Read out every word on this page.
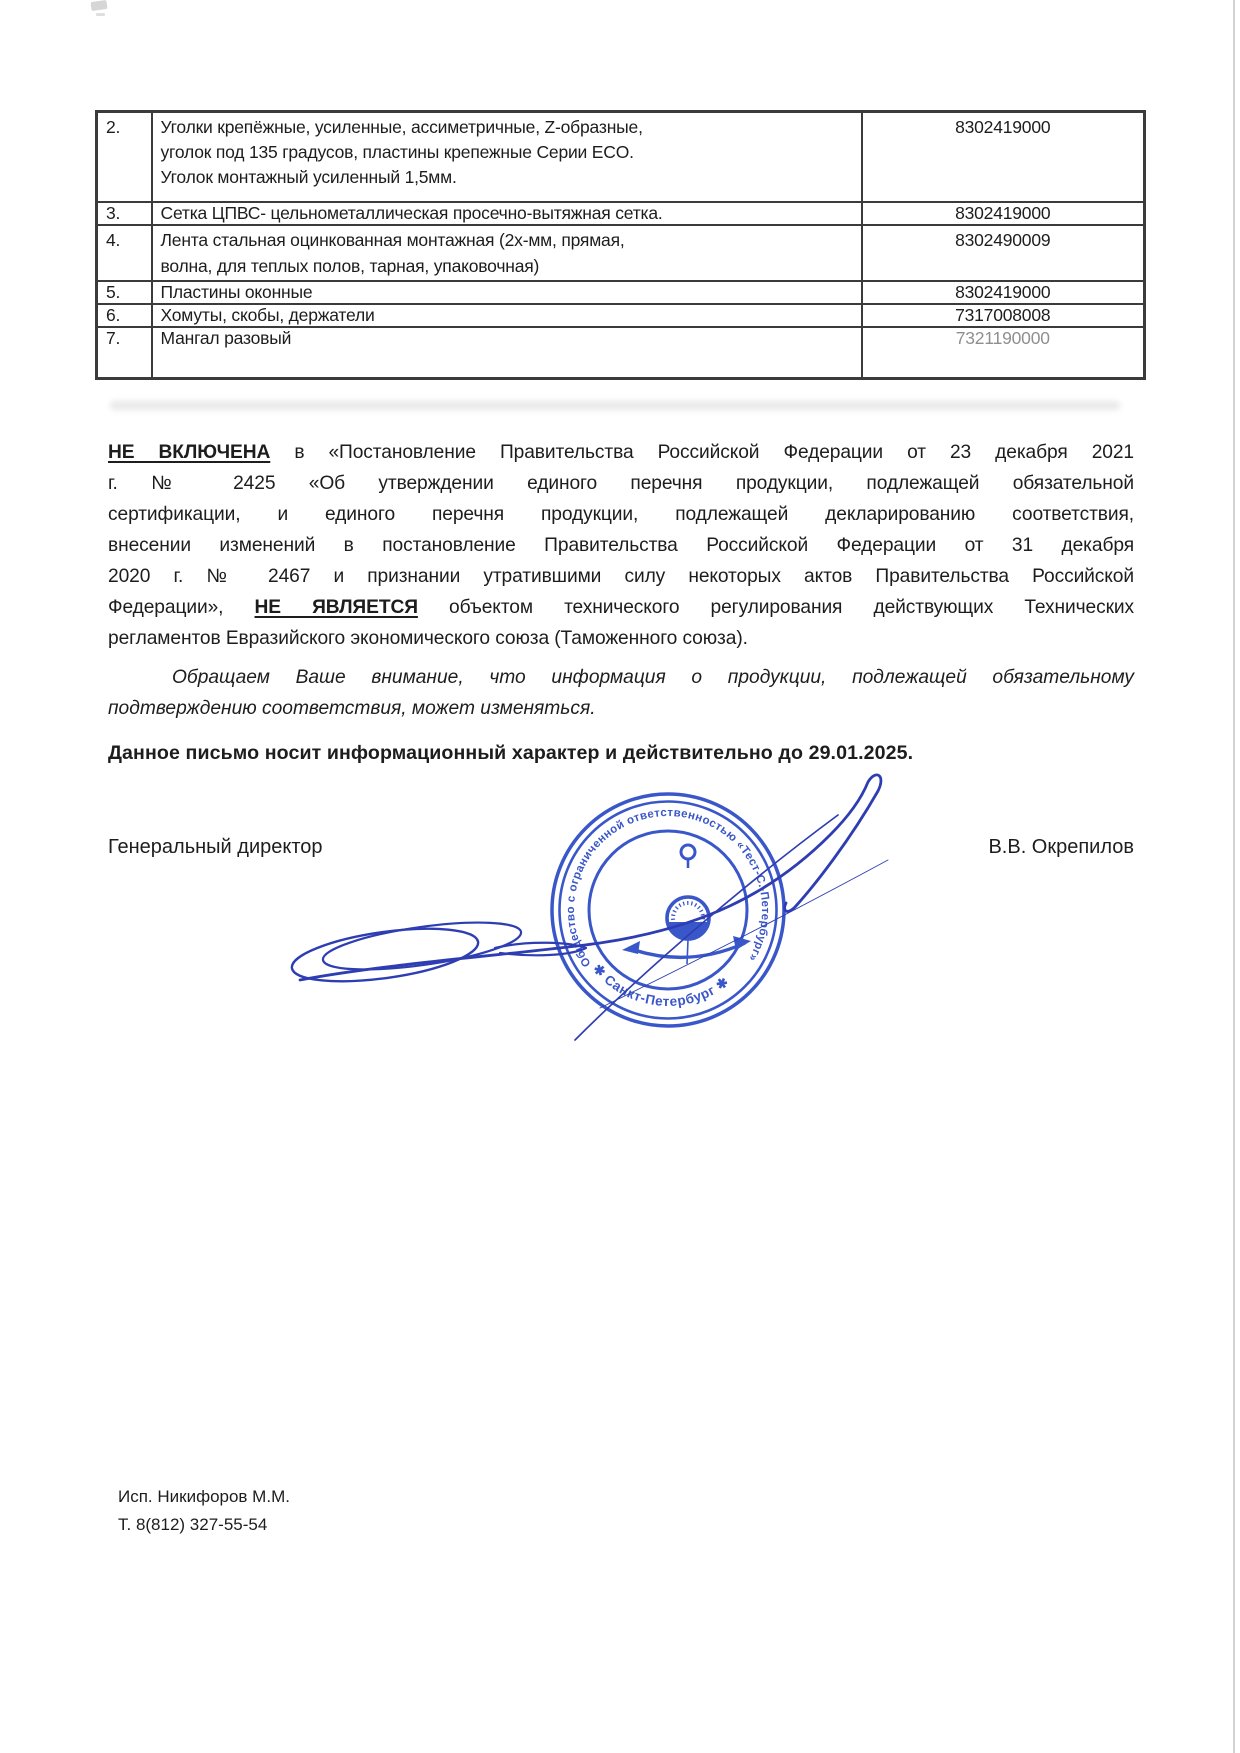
2.	Уголки крепёжные, усиленные, ассиметричные, Z-образные,
уголок под 135 градусов, пластины крепежные Серии ECO.
Уголок монтажный усиленный 1,5мм.	8302419000
3.	Сетка ЦПВС- цельнометаллическая просечно-вытяжная сетка.	8302419000
4.	Лента стальная оцинкованная монтажная (2х-мм, прямая,
волна, для теплых полов, тарная, упаковочная)	8302490009
5.	Пластины оконные	8302419000
6.	Хомуты, скобы, держатели	7317008008
7.	Мангал разовый	7321190000
НЕ ВКЛЮЧЕНА в «Постановление Правительства Российской Федерации от 23 декабря 2021
г. № 2425 «Об утверждении единого перечня продукции, подлежащей обязательной
сертификации, и единого перечня продукции, подлежащей декларированию соответствия,
внесении изменений в постановление Правительства Российской Федерации от 31 декабря
2020 г. № 2467 и признании утратившими силу некоторых актов Правительства Российской
Федерации», НЕ ЯВЛЯЕТСЯ объектом технического регулирования действующих Технических
регламентов Евразийского экономического союза (Таможенного союза).
Обращаем Ваше внимание, что информация о продукции, подлежащей обязательному
подтверждению соответствия, может изменяться.
Данное письмо носит информационный характер и действительно до 29.01.2025.
Генеральный директор	В.В. Окрепилов
Общество с ограниченной ответственностью «Тест-С.-Петербург»
✱ Санкт-Петербург ✱
Исп. Никифоров М.М.
Т. 8(812) 327-55-54
